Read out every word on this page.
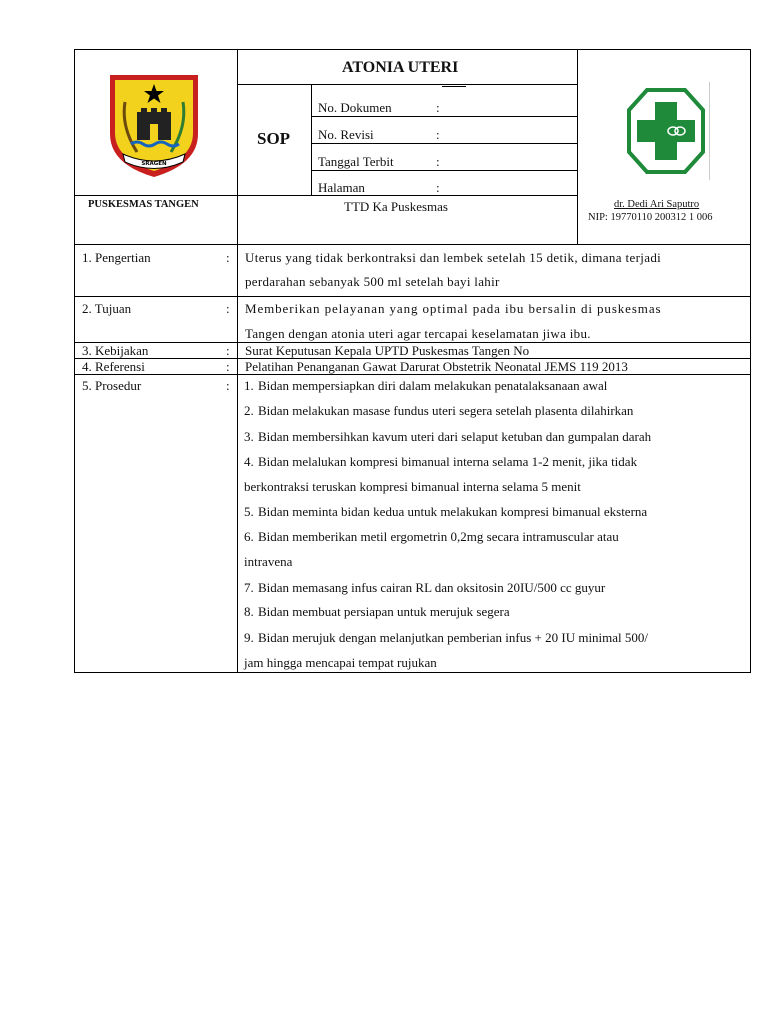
SRAGEN
PUSKESMAS TANGEN
ATONIA UTERI
SOP
No. Dokumen	:
No. Revisi	:
Tanggal Terbit	:
Halaman	:
TTD Ka Puskesmas	dr. Dedi Ari Saputro
NIP: 19770110 200312 1 006
1. Pengertian	: Uterus yang tidak berkontraksi dan lembek setelah 15 detik, dimana terjadi
perdarahan sebanyak 500 ml setelah bayi lahir
2. Tujuan	: Memberikan pelayanan yang optimal pada ibu bersalin di puskesmas
Tangen dengan atonia uteri agar tercapai keselamatan jiwa ibu.
3. Kebijakan	: Surat Keputusan Kepala UPTD Puskesmas Tangen No
4. Referensi	: Pelatihan Penanganan Gawat Darurat Obstetrik Neonatal JEMS 119 2013
5. Prosedur	: 1. Bidan mempersiapkan diri dalam melakukan penatalaksanaan awal
2. Bidan melakukan masase fundus uteri segera setelah plasenta dilahirkan
3. Bidan membersihkan kavum uteri dari selaput ketuban dan gumpalan darah
4. Bidan melalukan kompresi bimanual interna selama 1-2 menit, jika tidak
berkontraksi teruskan kompresi bimanual interna selama 5 menit
5. Bidan meminta bidan kedua untuk melakukan kompresi bimanual eksterna
6. Bidan memberikan metil ergometrin 0,2mg secara intramuscular atau
intravena
7. Bidan memasang infus cairan RL dan oksitosin 20IU/500 cc guyur
8. Bidan membuat persiapan untuk merujuk segera
9. Bidan merujuk dengan melanjutkan pemberian infus + 20 IU minimal 500/
jam hingga mencapai tempat rujukan
